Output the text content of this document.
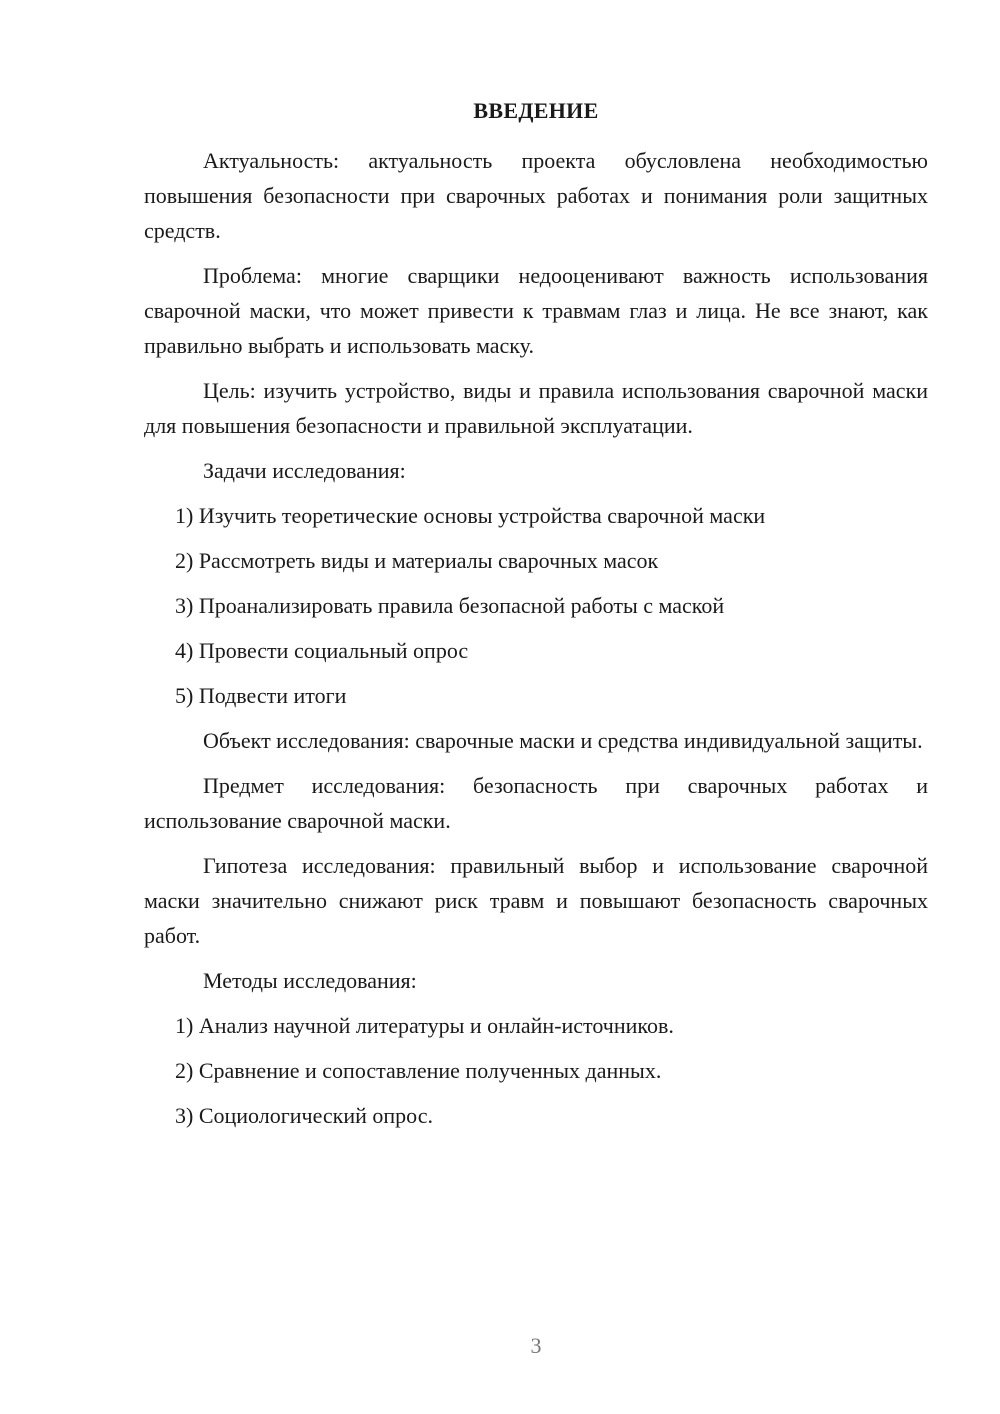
ВВЕДЕНИЕ

Актуальность: актуальность проекта обусловлена необходимостью повышения безопасности при сварочных работах и понимания роли защитных средств.

Проблема: многие сварщики недооценивают важность использования сварочной маски, что может привести к травмам глаз и лица. Не все знают, как правильно выбрать и использовать маску.

Цель: изучить устройство, виды и правила использования сварочной маски для повышения безопасности и правильной эксплуатации.

Задачи исследования:

1) Изучить теоретические основы устройства сварочной маски
2) Рассмотреть виды и материалы сварочных масок
3) Проанализировать правила безопасной работы с маской
4) Провести социальный опрос
5) Подвести итоги

Объект исследования: сварочные маски и средства индивидуальной защиты.

Предмет исследования: безопасность при сварочных работах и использование сварочной маски.

Гипотеза исследования: правильный выбор и использование сварочной маски значительно снижают риск травм и повышают безопасность сварочных работ.

Методы исследования:

1) Анализ научной литературы и онлайн-источников.
2) Сравнение и сопоставление полученных данных.
3) Социологический опрос.
3
